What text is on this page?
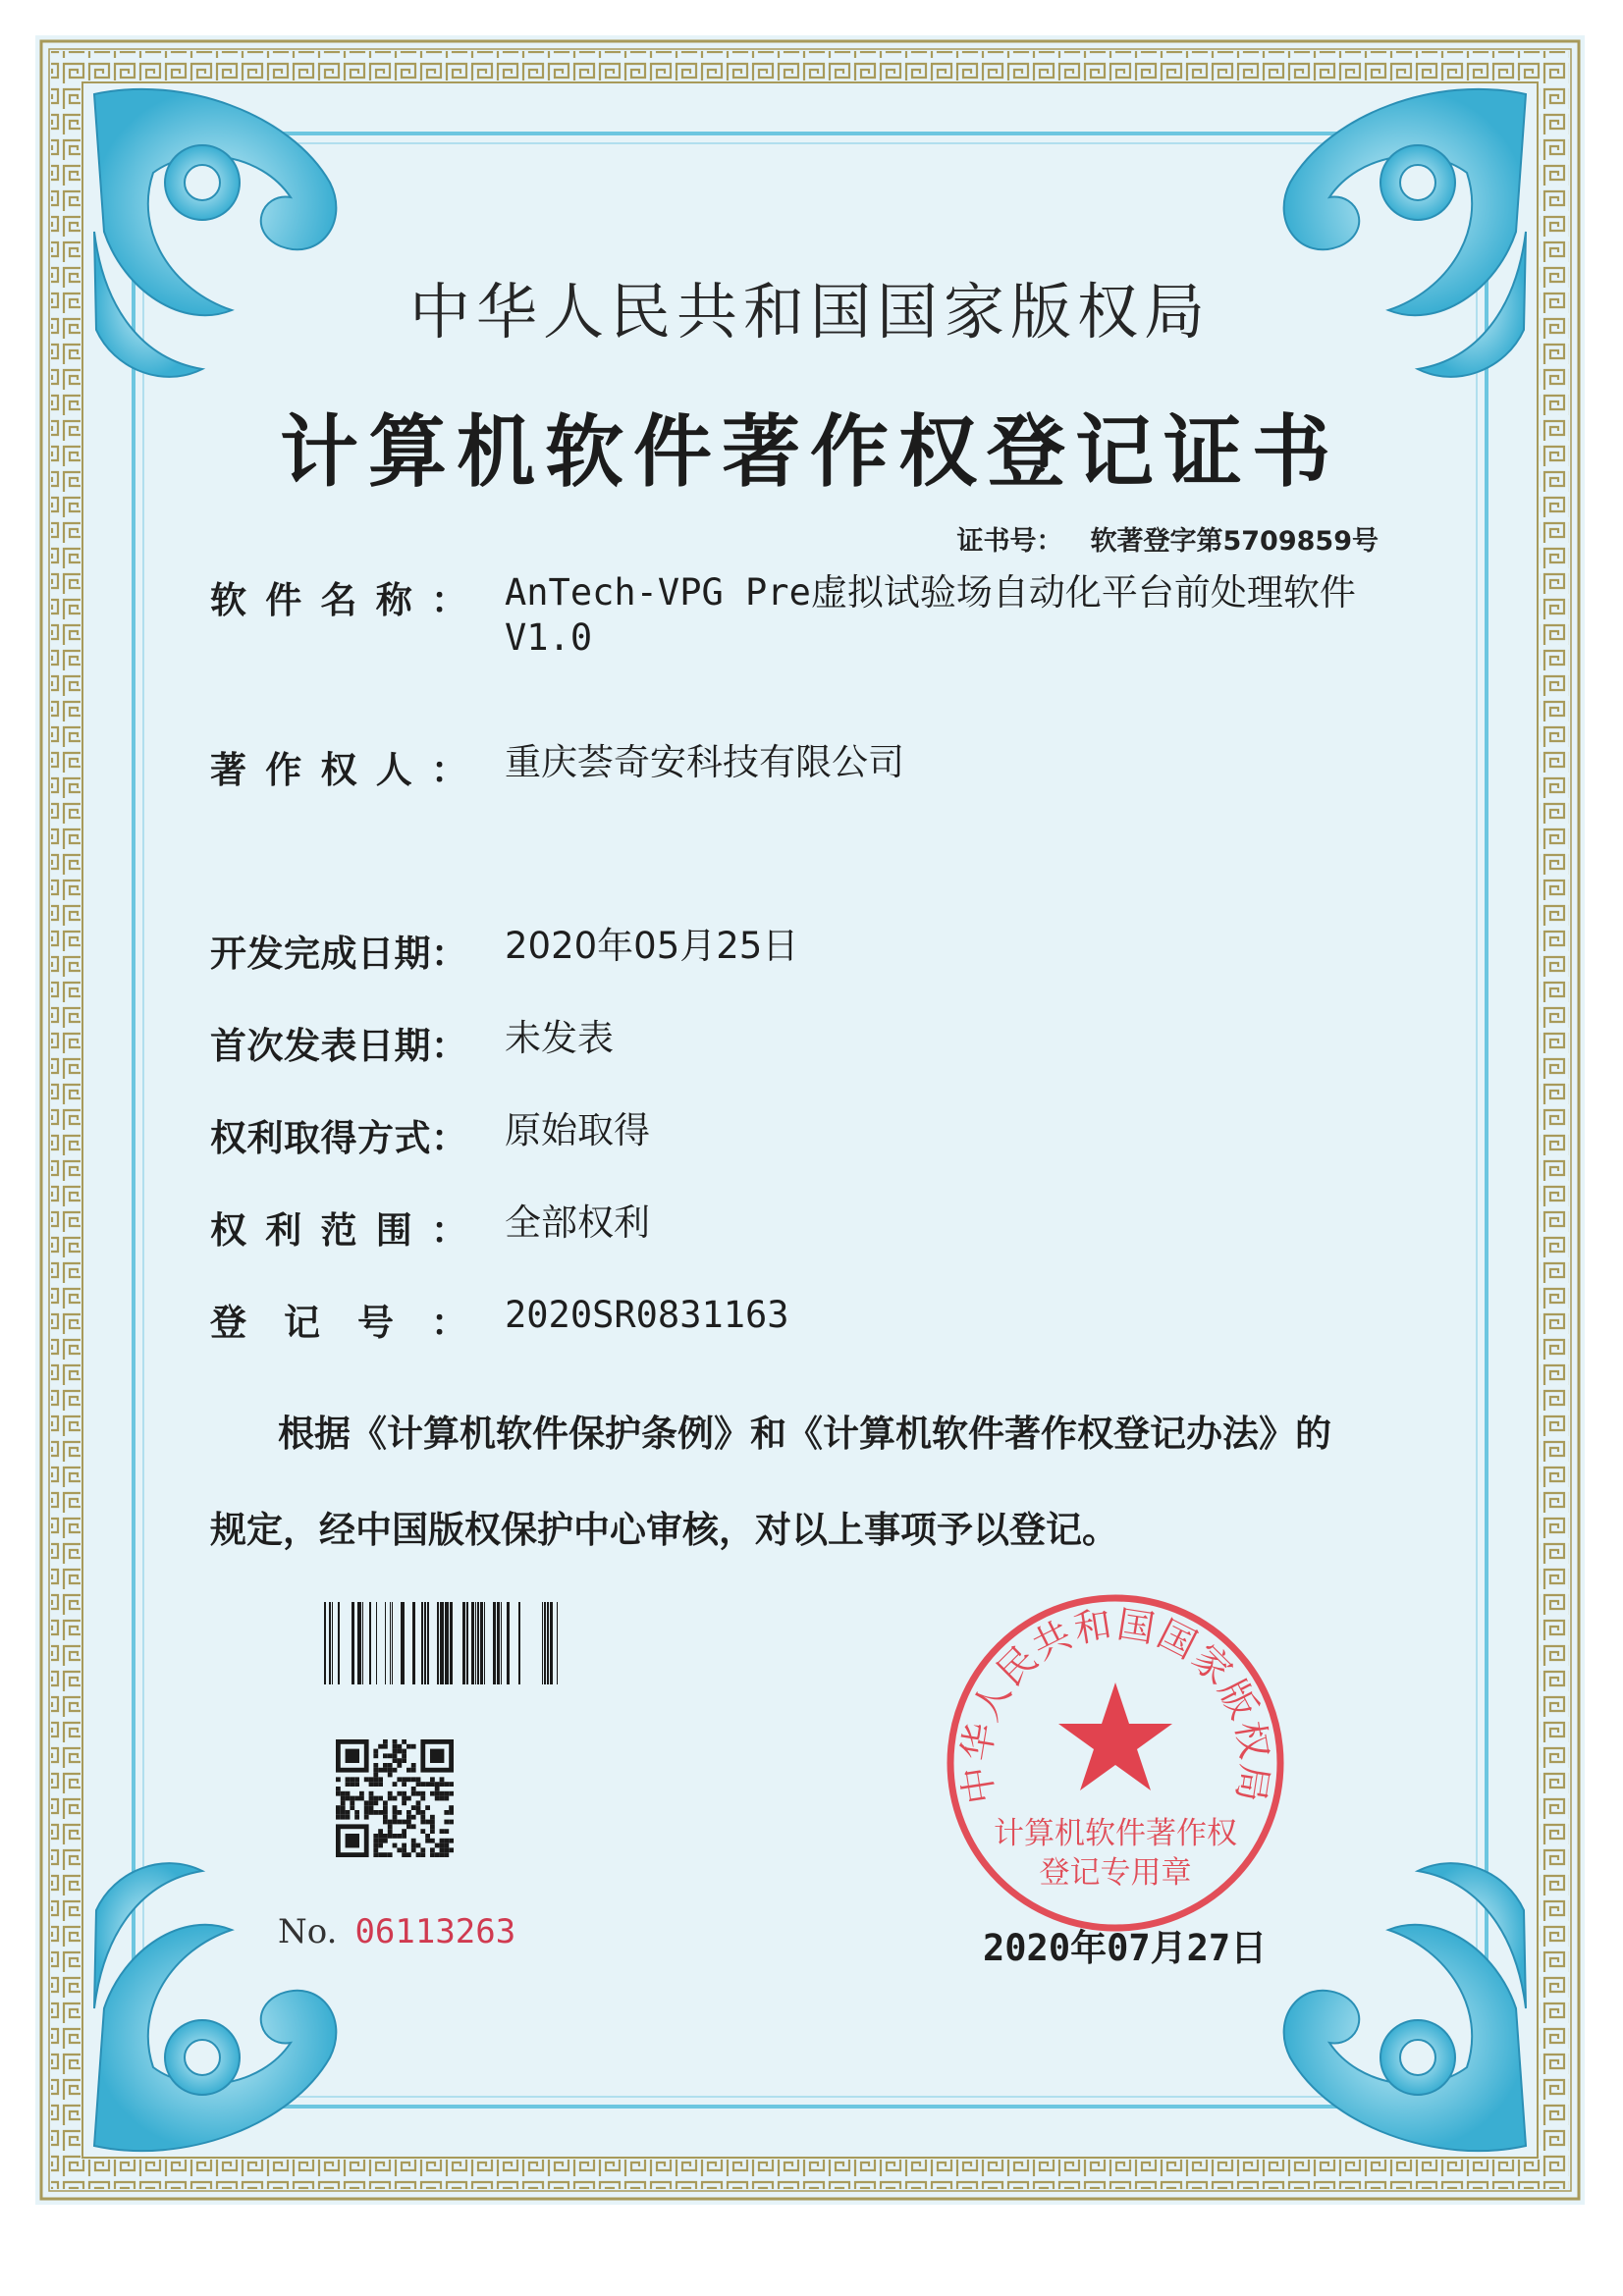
中华人民共和国国家版权局
计算机软件著作权登记证书
证书号： 软著登字第5709859号
软 件 名 称 ： AnTech-VPG Pre虚拟试验场自动化平台前处理软件
V1.0
著 作 权 人 ： 重庆荟奇安科技有限公司
开 发 完 成 日 期 ： 2020年05月25日
首 次 发 表 日 期 ： 未发表
权 利 取 得 方 式 ： 原始取得
权 利 范 围 ： 全部权利
登 记 号 ： 2020SR0831163
根据《计算机软件保护条例》和《计算机软件著作权登记办法》的
规定，经中国版权保护中心审核，对以上事项予以登记。
No. 06113263
中华人民共和国国家版权局
计算机软件著作权
登记专用章
2020年07月27日
